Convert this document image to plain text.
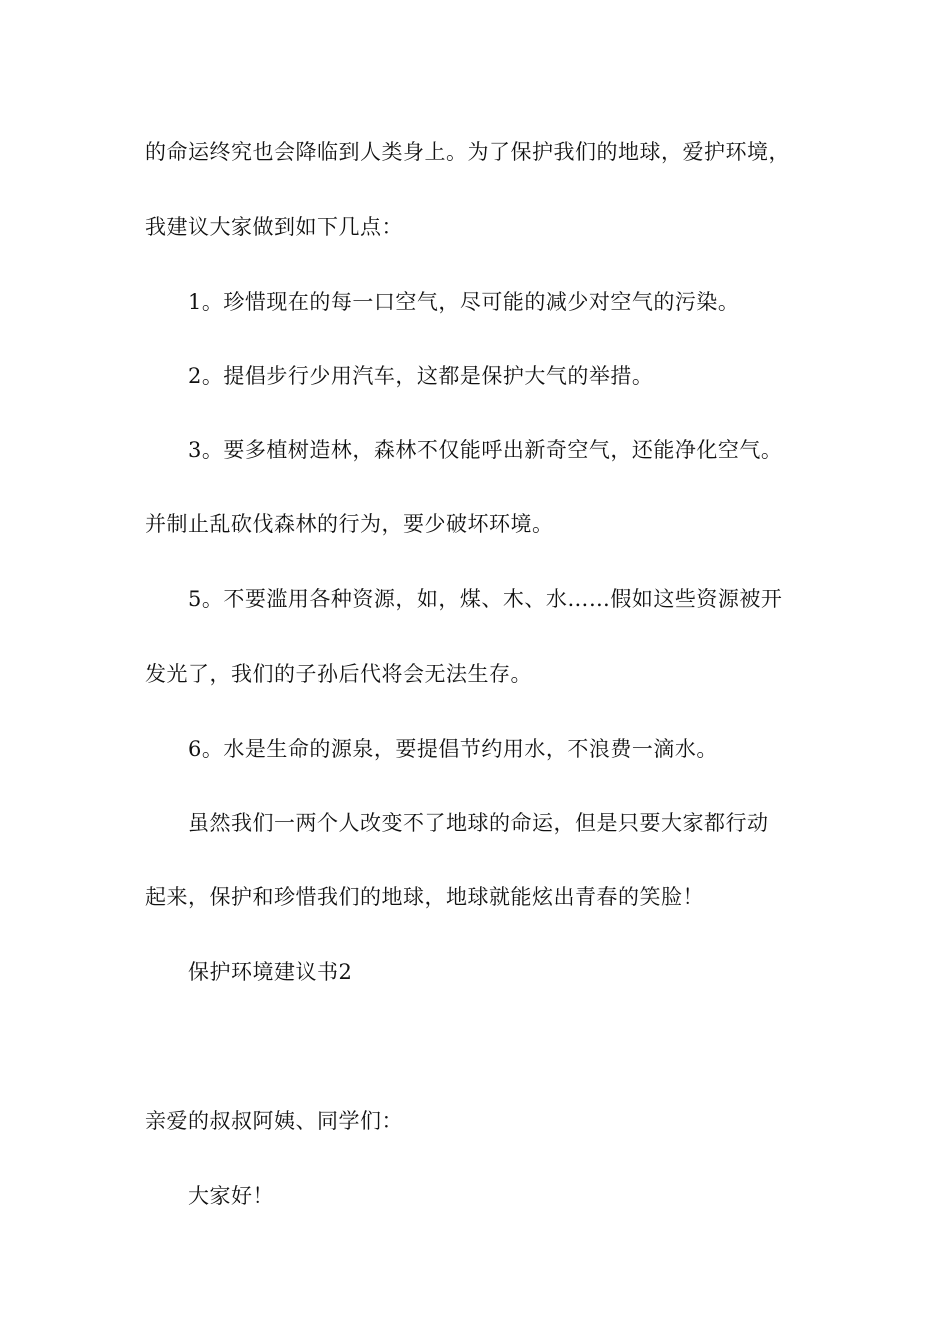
的命运终究也会降临到人类身上。为了保护我们的地球，爱护环境，
我建议大家做到如下几点：
1。珍惜现在的每一口空气，尽可能的减少对空气的污染。
2。提倡步行少用汽车，这都是保护大气的举措。
3。要多植树造林，森林不仅能呼出新奇空气，还能净化空气。
并制止乱砍伐森林的行为，要少破坏环境。
5。不要滥用各种资源，如，煤、木、水……假如这些资源被开
发光了，我们的子孙后代将会无法生存。
6。水是生命的源泉，要提倡节约用水，不浪费一滴水。
虽然我们一两个人改变不了地球的命运，但是只要大家都行动
起来，保护和珍惜我们的地球，地球就能炫出青春的笑脸！
保护环境建议书2
亲爱的叔叔阿姨、同学们：
大家好！
